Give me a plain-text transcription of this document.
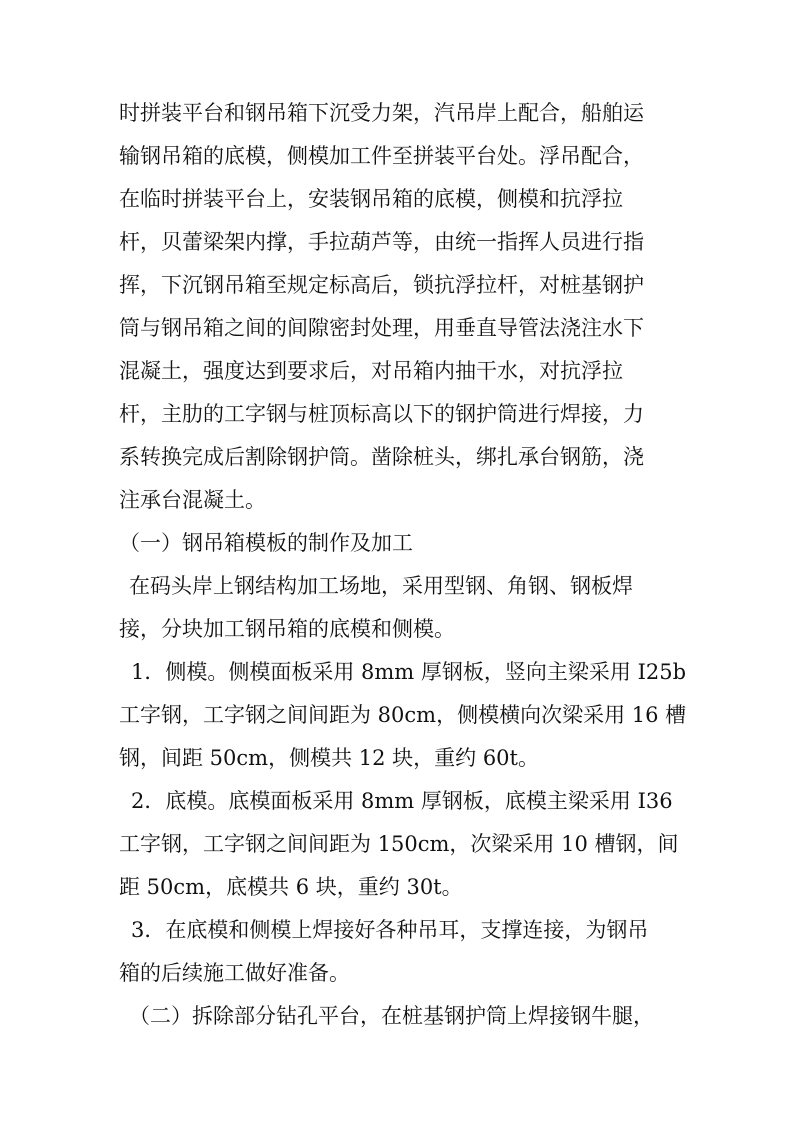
时拼装平台和钢吊箱下沉受力架，汽吊岸上配合，船舶运
输钢吊箱的底模，侧模加工件至拼装平台处。浮吊配合，
在临时拼装平台上，安装钢吊箱的底模，侧模和抗浮拉
杆，贝蕾梁架内撑，手拉葫芦等，由统一指挥人员进行指
挥，下沉钢吊箱至规定标高后，锁抗浮拉杆，对桩基钢护
筒与钢吊箱之间的间隙密封处理，用垂直导管法浇注水下
混凝土，强度达到要求后，对吊箱内抽干水，对抗浮拉
杆，主肋的工字钢与桩顶标高以下的钢护筒进行焊接，力
系转换完成后割除钢护筒。凿除桩头，绑扎承台钢筋，浇
注承台混凝土。
（一）钢吊箱模板的制作及加工
在码头岸上钢结构加工场地，采用型钢、角钢、钢板焊
接，分块加工钢吊箱的底模和侧模。
1．侧模。侧模面板采用 8mm 厚钢板，竖向主梁采用 I25b
工字钢，工字钢之间间距为 80cm，侧模横向次梁采用 16 槽
钢，间距 50cm，侧模共 12 块，重约 60t。
2．底模。底模面板采用 8mm 厚钢板，底模主梁采用 I36
工字钢，工字钢之间间距为 150cm，次梁采用 10 槽钢，间
距 50cm，底模共 6 块，重约 30t。
3．在底模和侧模上焊接好各种吊耳，支撑连接，为钢吊
箱的后续施工做好准备。
（二）拆除部分钻孔平台，在桩基钢护筒上焊接钢牛腿，
